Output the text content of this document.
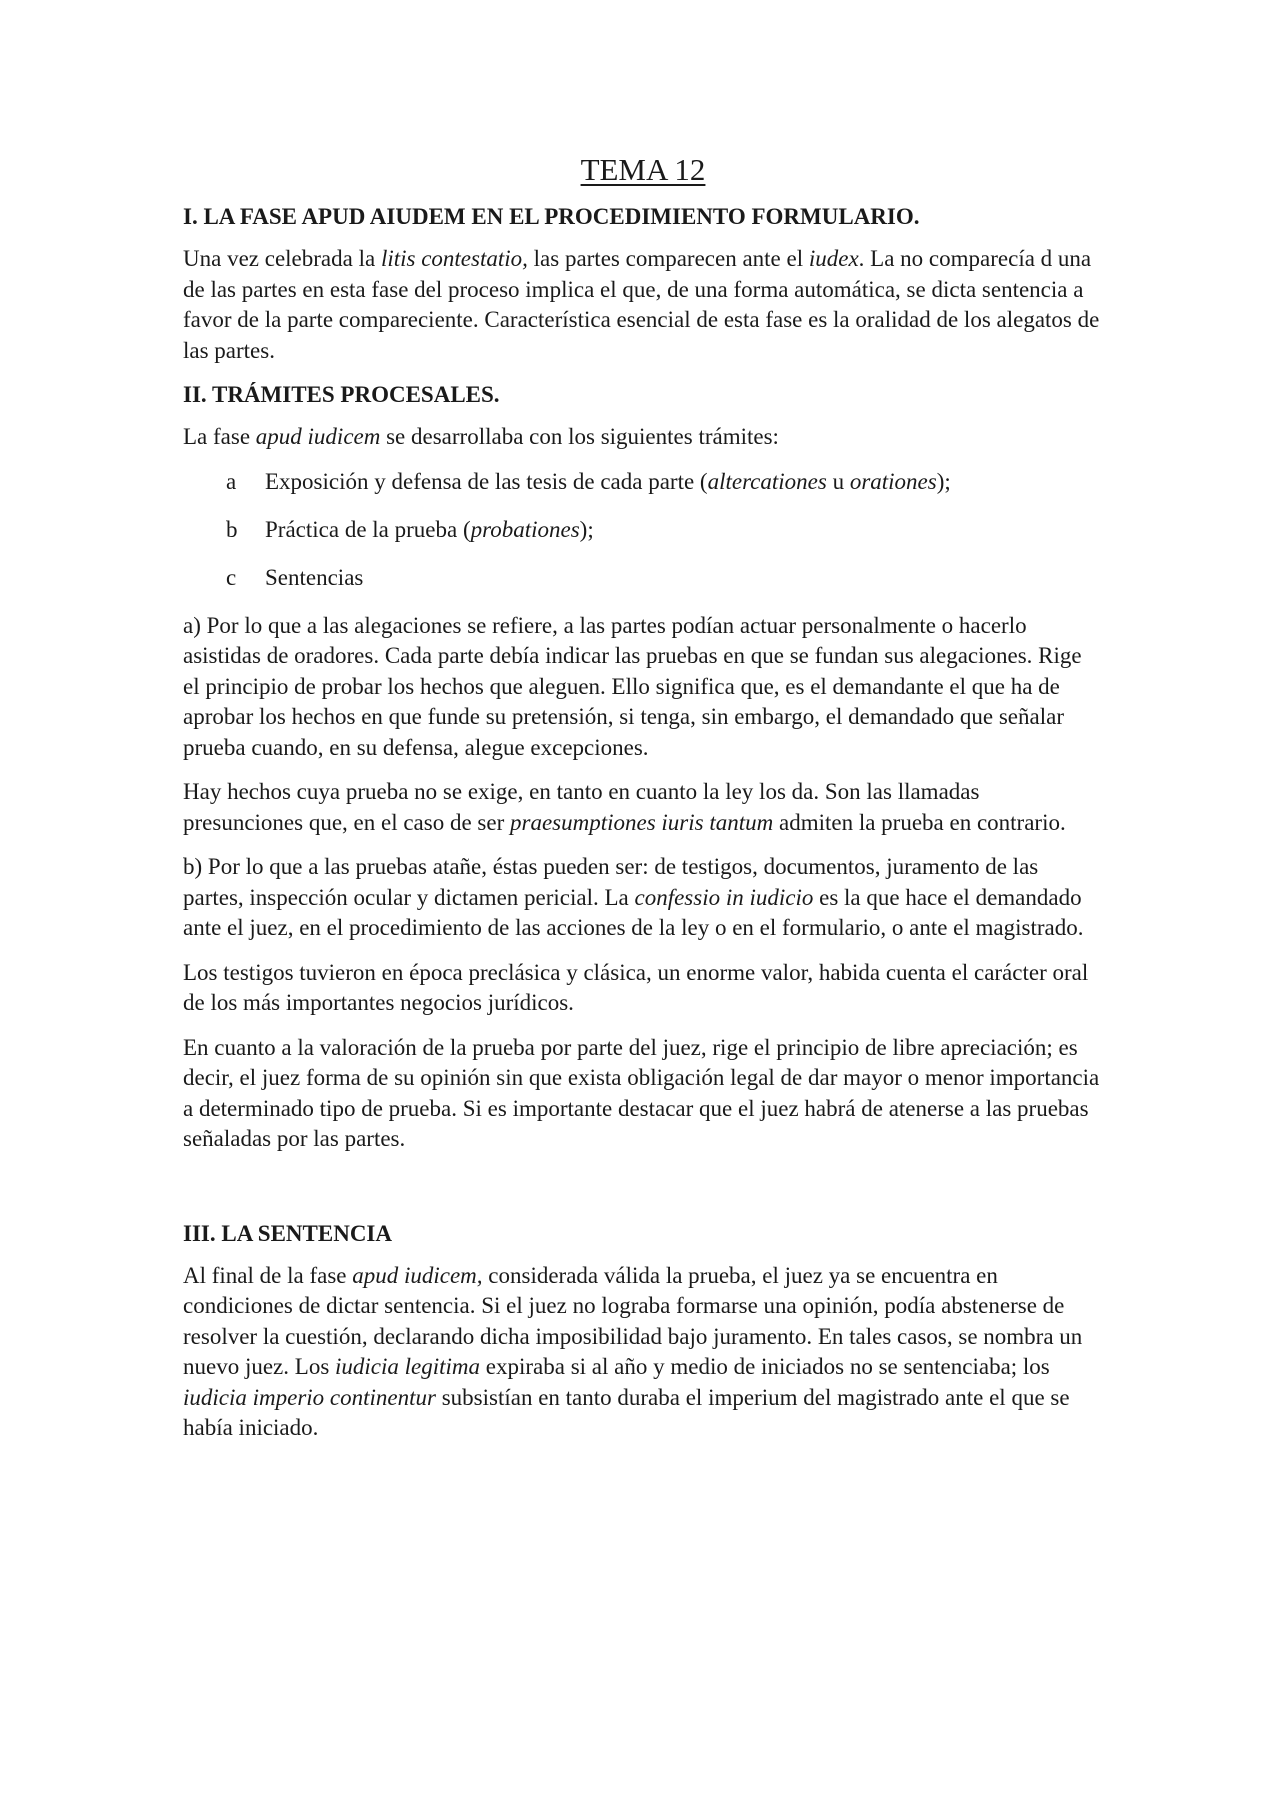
TEMA 12
I. LA FASE APUD AIUDEM EN EL PROCEDIMIENTO FORMULARIO.

Una vez celebrada la litis contestatio, las partes comparecen ante el iudex. La no comparecía d una de las partes en esta fase del proceso implica el que, de una forma automática, se dicta sentencia a favor de la parte compareciente. Característica esencial de esta fase es la oralidad de los alegatos de las partes.

II. TRÁMITES PROCESALES.

La fase apud iudicem se desarrollaba con los siguientes trámites:

a	Exposición y defensa de las tesis de cada parte (altercationes u orationes);
b	Práctica de la prueba (probationes);
c	Sentencias

a) Por lo que a las alegaciones se refiere, a las partes podían actuar personalmente o hacerlo asistidas de oradores. Cada parte debía indicar las pruebas en que se fundan sus alegaciones. Rige el principio de probar los hechos que aleguen. Ello significa que, es el demandante el que ha de aprobar los hechos en que funde su pretensión, si tenga, sin embargo, el demandado que señalar prueba cuando, en su defensa, alegue excepciones.

Hay hechos cuya prueba no se exige, en tanto en cuanto la ley los da. Son las llamadas presunciones que, en el caso de ser praesumptiones iuris tantum admiten la prueba en contrario.

b) Por lo que a las pruebas atañe, éstas pueden ser: de testigos, documentos, juramento de las partes, inspección ocular y dictamen pericial. La confessio in iudicio es la que hace el demandado ante el juez, en el procedimiento de las acciones de la ley o en el formulario, o ante el magistrado.

Los testigos tuvieron en época preclásica y clásica, un enorme valor, habida cuenta el carácter oral de los más importantes negocios jurídicos.

En cuanto a la valoración de la prueba por parte del juez, rige el principio de libre apreciación; es decir, el juez forma de su opinión sin que exista obligación legal de dar mayor o menor importancia a determinado tipo de prueba. Si es importante destacar que el juez habrá de atenerse a las pruebas señaladas por las partes.

III. LA SENTENCIA

Al final de la fase apud iudicem, considerada válida la prueba, el juez ya se encuentra en condiciones de dictar sentencia. Si el juez no lograba formarse una opinión, podía abstenerse de resolver la cuestión, declarando dicha imposibilidad bajo juramento. En tales casos, se nombra un nuevo juez. Los iudicia legitima expiraba si al año y medio de iniciados no se sentenciaba; los iudicia imperio continentur subsistían en tanto duraba el imperium del magistrado ante el que se había iniciado.
